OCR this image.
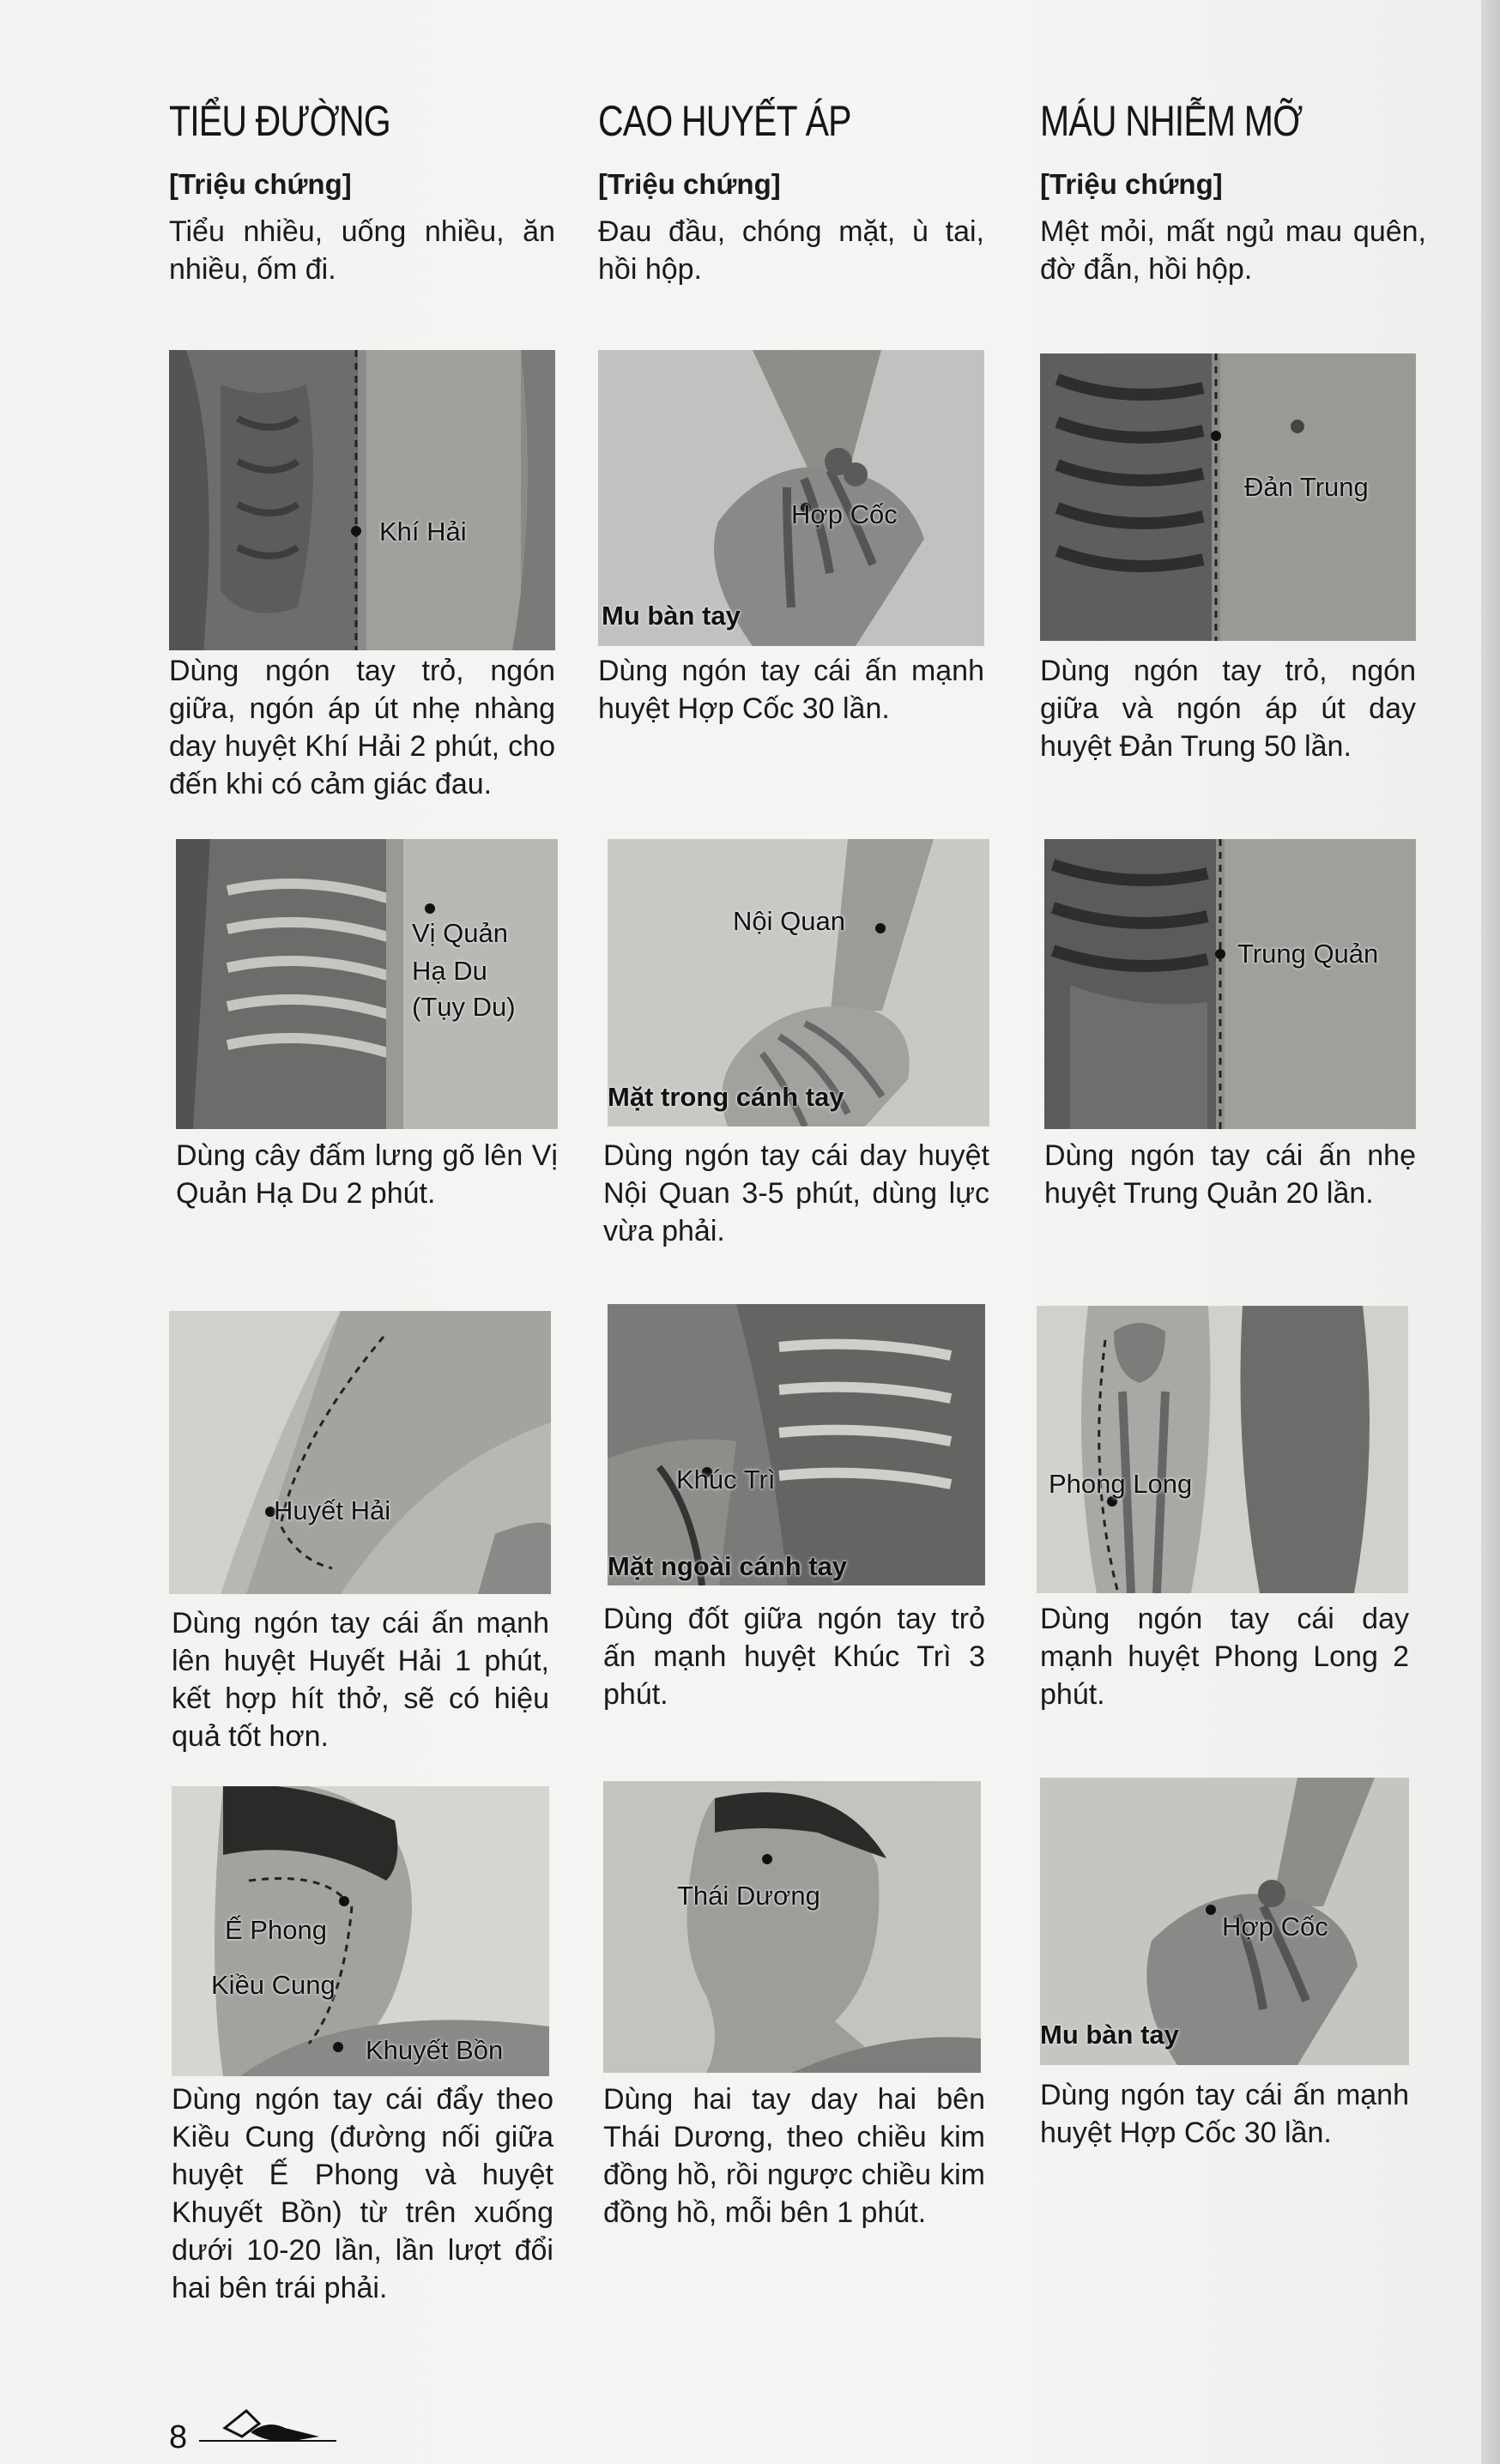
TIỂU ĐƯỜNG
[Triệu chứng]
Tiểu nhiều, uống nhiều, ăn nhiều, ốm đi.
CAO HUYẾT ÁP
[Triệu chứng]
Đau đầu, chóng mặt, ù tai, hồi hộp.
MÁU NHIỄM MỠ
[Triệu chứng]
Mệt mỏi, mất ngủ mau quên, đờ đẫn, hồi hộp.
Khí Hải
Dùng ngón tay trỏ, ngón giữa, ngón áp út nhẹ nhàng day huyệt Khí Hải 2 phút, cho đến khi có cảm giác đau.
Hợp Cốc
Mu bàn tay
Dùng ngón tay cái ấn mạnh huyệt Hợp Cốc 30 lần.
Đản Trung
Dùng ngón tay trỏ, ngón giữa và ngón áp út day huyệt Đản Trung 50 lần.
Vị Quản
Hạ Du
(Tụy Du)
Dùng cây đấm lưng gõ lên Vị Quản Hạ Du 2 phút.
Nội Quan
Mặt trong cánh tay
Dùng ngón tay cái day huyệt Nội Quan 3-5 phút, dùng lực vừa phải.
Trung Quản
Dùng ngón tay cái ấn nhẹ huyệt Trung Quản 20 lần.
Huyết Hải
Dùng ngón tay cái ấn mạnh lên huyệt Huyết Hải 1 phút, kết hợp hít thở, sẽ có hiệu quả tốt hơn.
Khúc Trì
Mặt ngoài cánh tay
Dùng đốt giữa ngón tay trỏ ấn mạnh huyệt Khúc Trì 3 phút.
Phong Long
Dùng ngón tay cái day mạnh huyệt Phong Long 2 phút.
Ế Phong
Kiều Cung
Khuyết Bồn
Dùng ngón tay cái đẩy theo Kiều Cung (đường nối giữa huyệt Ế Phong và huyệt Khuyết Bồn) từ trên xuống dưới 10-20 lần, lần lượt đổi hai bên trái phải.
Thái Dương
Dùng hai tay day hai bên Thái Dương, theo chiều kim đồng hồ, rồi ngược chiều kim đồng hồ, mỗi bên 1 phút.
Hợp Cốc
Mu bàn tay
Dùng ngón tay cái ấn mạnh huyệt Hợp Cốc 30 lần.
8
